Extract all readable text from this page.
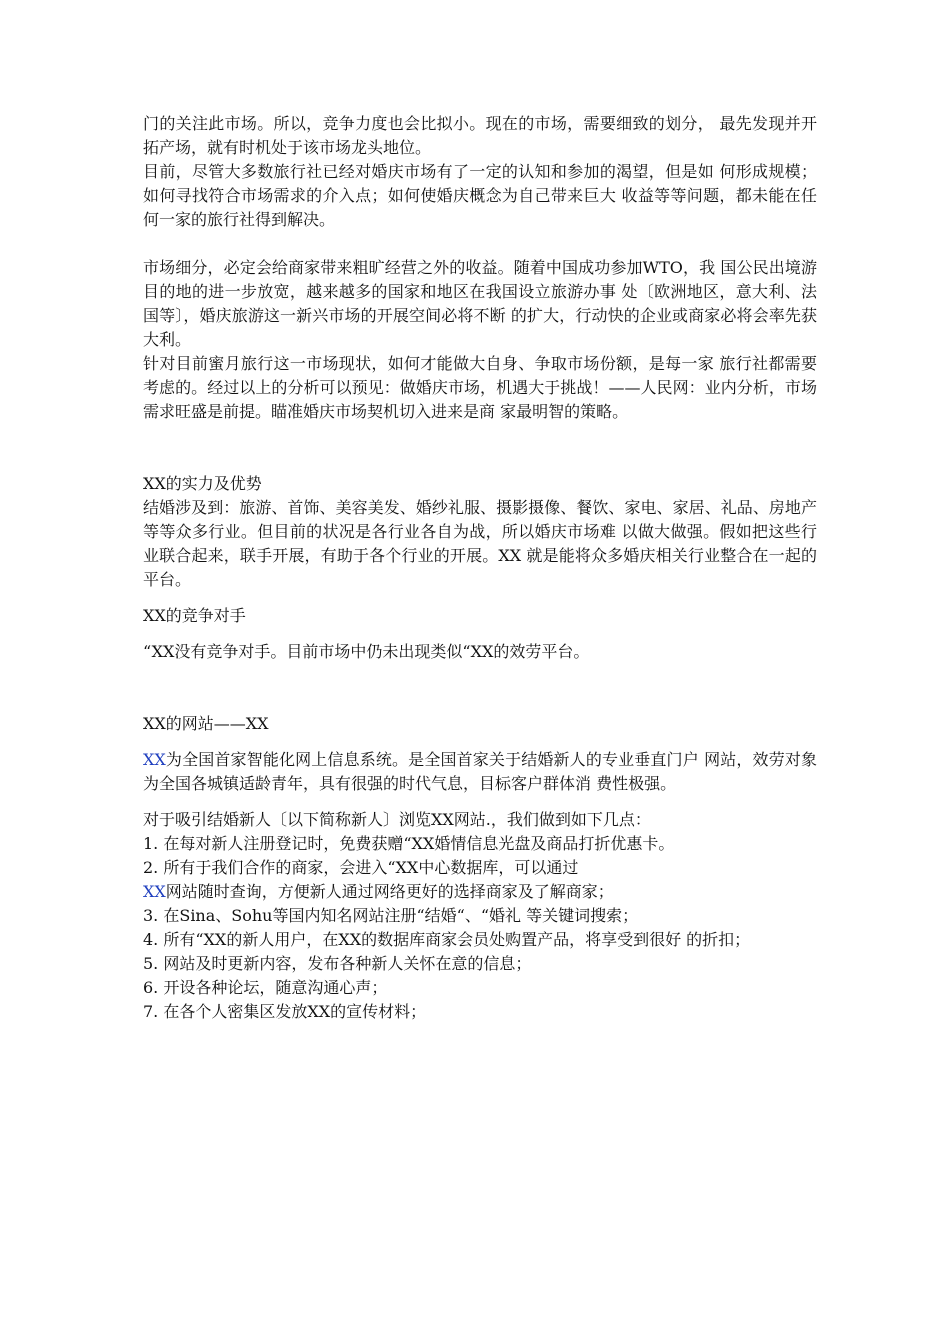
门的关注此市场。所以，竞争力度也会比拟小。现在的市场，需要细致的划分， 最先发现并开拓产场，就有时机处于该市场龙头地位。

目前，尽管大多数旅行社已经对婚庆市场有了一定的认知和参加的渴望，但是如 何形成规模；如何寻找符合市场需求的介入点；如何使婚庆概念为自己带来巨大 收益等等问题，都未能在任何一家的旅行社得到解决。

市场细分，必定会给商家带来粗旷经营之外的收益。随着中国成功参加WTO，我 国公民出境游目的地的进一步放宽，越来越多的国家和地区在我国设立旅游办事 处〔欧洲地区，意大利、法国等〕，婚庆旅游这一新兴市场的开展空间必将不断 的扩大，行动快的企业或商家必将会率先获大利。

针对目前蜜月旅行这一市场现状，如何才能做大自身、争取市场份额，是每一家 旅行社都需要考虑的。经过以上的分析可以预见：做婚庆市场，机遇大于挑战！——人民网：业内分析，市场需求旺盛是前提。瞄准婚庆市场契机切入进来是商 家最明智的策略。

XX的实力及优势

结婚涉及到：旅游、首饰、美容美发、婚纱礼服、摄影摄像、餐饮、家电、家居、礼品、房地产等等众多行业。但目前的状况是各行业各自为战，所以婚庆市场难 以做大做强。假如把这些行业联合起来，联手开展，有助于各个行业的开展。XX 就是能将众多婚庆相关行业整合在一起的平台。

XX的竞争对手

“XX没有竞争对手。目前市场中仍未出现类似“XX的效劳平台。

XX的网站——XX

XX为全国首家智能化网上信息系统。是全国首家关于结婚新人的专业垂直门户 网站，效劳对象为全国各城镇适龄青年，具有很强的时代气息，目标客户群体消 费性极强。

对于吸引结婚新人〔以下简称新人〕浏览XX网站.，我们做到如下几点：

1. 在每对新人注册登记时，免费获赠“XX婚情信息光盘及商品打折优惠卡。

2. 所有于我们合作的商家，会进入“XX中心数据库，可以通过

XX网站随时查询，方便新人通过网络更好的选择商家及了解商家；

3. 在Sina、Sohu等国内知名网站注册“结婚“、“婚礼 等关键词搜索；

4. 所有“XX的新人用户，在XX的数据库商家会员处购置产品，将享受到很好 的折扣；

5. 网站及时更新内容，发布各种新人关怀在意的信息；

6. 开设各种论坛，随意沟通心声；

7. 在各个人密集区发放XX的宣传材料；
